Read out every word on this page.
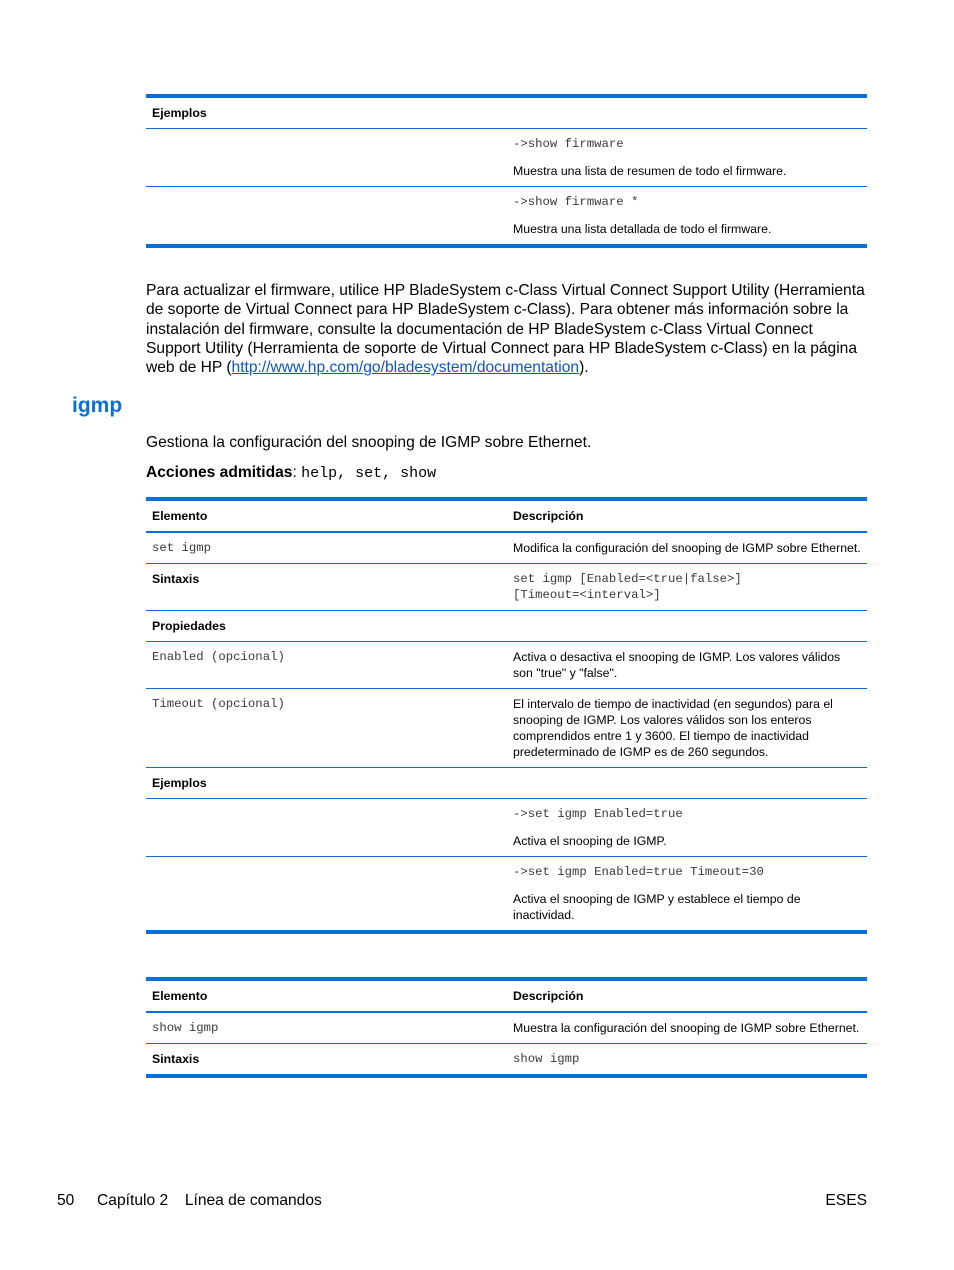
Ejemplos
->show firmware
Muestra una lista de resumen de todo el firmware.
->show firmware *
Muestra una lista detallada de todo el firmware.
Para actualizar el firmware, utilice HP BladeSystem c-Class Virtual Connect Support Utility (Herramienta de soporte de Virtual Connect para HP BladeSystem c-Class). Para obtener más información sobre la instalación del firmware, consulte la documentación de HP BladeSystem c-Class Virtual Connect Support Utility (Herramienta de soporte de Virtual Connect para HP BladeSystem c-Class) en la página web de HP (http://www.hp.com/go/bladesystem/documentation).
igmp
Gestiona la configuración del snooping de IGMP sobre Ethernet.
Acciones admitidas: help, set, show
Elemento	Descripción
set igmp	Modifica la configuración del snooping de IGMP sobre Ethernet.
Sintaxis	set igmp [Enabled=<true|false>]
[Timeout=<interval>]
Propiedades
Enabled (opcional)	Activa o desactiva el snooping de IGMP. Los valores válidos son "true" y "false".
Timeout (opcional)	El intervalo de tiempo de inactividad (en segundos) para el snooping de IGMP. Los valores válidos son los enteros comprendidos entre 1 y 3600. El tiempo de inactividad predeterminado de IGMP es de 260 segundos.
Ejemplos
->set igmp Enabled=true
Activa el snooping de IGMP.
->set igmp Enabled=true Timeout=30
Activa el snooping de IGMP y establece el tiempo de inactividad.
Elemento	Descripción
show igmp	Muestra la configuración del snooping de IGMP sobre Ethernet.
Sintaxis	show igmp
50 Capítulo 2 Línea de comandos	ESES
